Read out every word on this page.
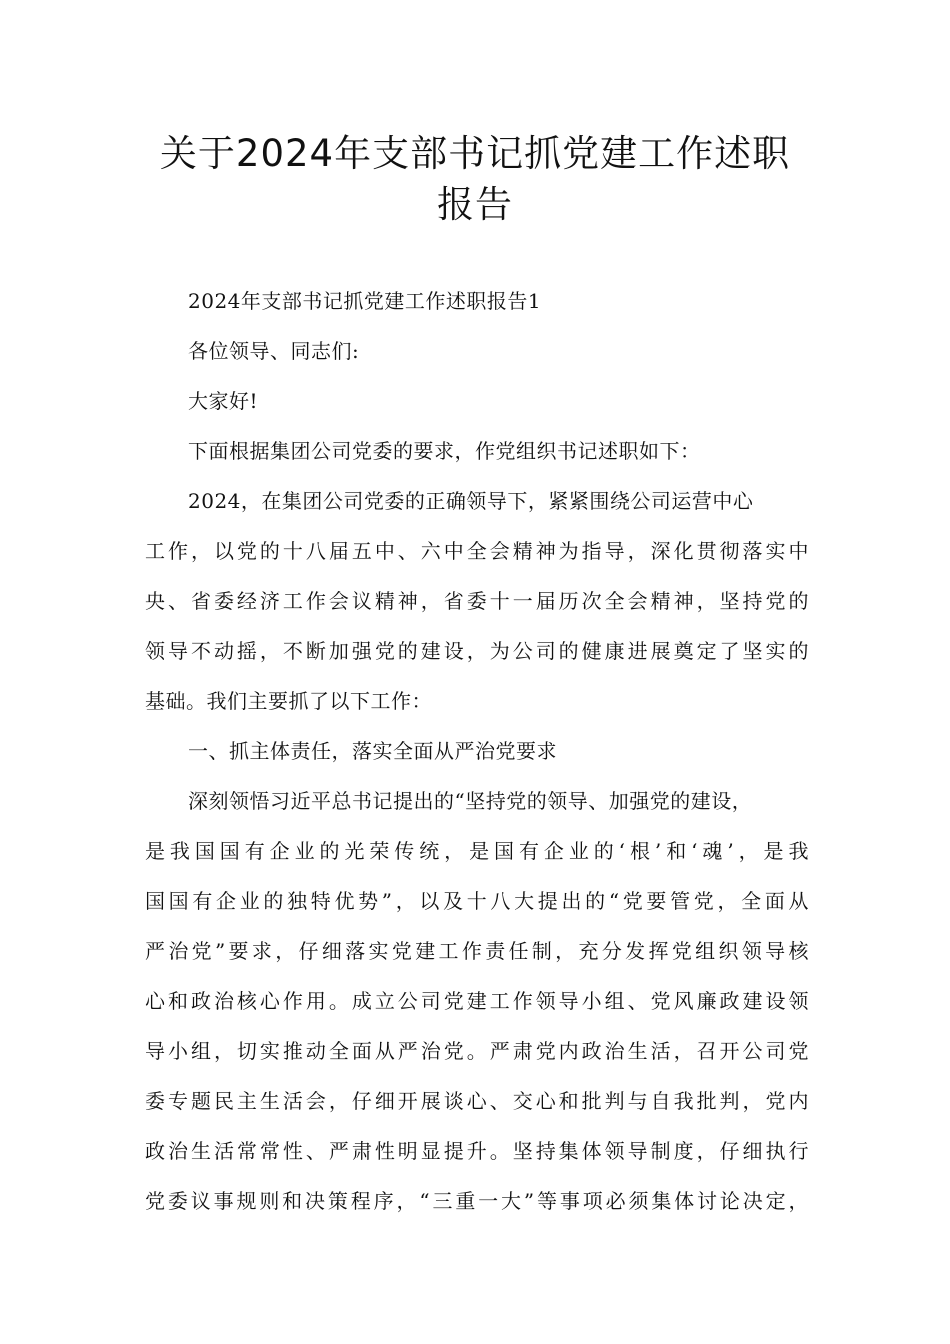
关于2024年支部书记抓党建工作述职
报告

2024年支部书记抓党建工作述职报告1

各位领导、同志们:

大家好!

下面根据集团公司党委的要求，作党组织书记述职如下：

2024，在集团公司党委的正确领导下，紧紧围绕公司运营中心

工作，以党的十八届五中、六中全会精神为指导，深化贯彻落实中

央、省委经济工作会议精神，省委十一届历次全会精神，坚持党的

领导不动摇，不断加强党的建设，为公司的健康进展奠定了坚实的

基础。我们主要抓了以下工作：

一、抓主体责任，落实全面从严治党要求

深刻领悟习近平总书记提出的“坚持党的领导、加强党的建设，

是我国国有企业的光荣传统，是国有企业的‘根’和‘魂’，是我

国国有企业的独特优势”，以及十八大提出的“党要管党，全面从

严治党”要求，仔细落实党建工作责任制，充分发挥党组织领导核

心和政治核心作用。成立公司党建工作领导小组、党风廉政建设领

导小组，切实推动全面从严治党。严肃党内政治生活，召开公司党

委专题民主生活会，仔细开展谈心、交心和批判与自我批判，党内

政治生活常常性、严肃性明显提升。坚持集体领导制度，仔细执行

党委议事规则和决策程序，“三重一大”等事项必须集体讨论决定，
